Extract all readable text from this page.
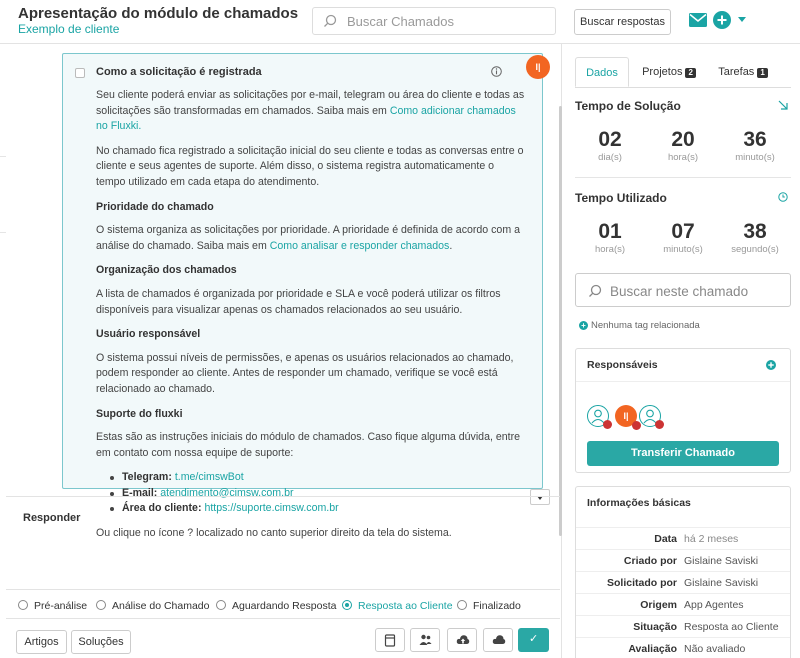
Apresentação do módulo de chamados
Exemplo de cliente
Buscar Chamados	Buscar respostas
Como a solicitação é registrada

Seu cliente poderá enviar as solicitações por e-mail, telegram ou área do cliente e todas as solicitações são transformadas em chamados. Saiba mais em Como adicionar chamados no Fluxki.

No chamado fica registrado a solicitação inicial do seu cliente e todas as conversas entre o cliente e seus agentes de suporte. Além disso, o sistema registra automaticamente o tempo utilizado em cada etapa do atendimento.

Prioridade do chamado

O sistema organiza as solicitações por prioridade. A prioridade é definida de acordo com a análise do chamado. Saiba mais em Como analisar e responder chamados.

Organização dos chamados

A lista de chamados é organizada por prioridade e SLA e você poderá utilizar os filtros disponíveis para visualizar apenas os chamados relacionados ao seu usuário.

Usuário responsável

O sistema possui níveis de permissões, e apenas os usuários relacionados ao chamado, podem responder ao cliente. Antes de responder um chamado, verifique se você está relacionado ao chamado.

Suporte do fluxki

Estas são as instruções iniciais do módulo de chamados. Caso fique alguma dúvida, entre em contato com nossa equipe de suporte:

Telegram: t.me/cimswBot
E-mail: atendimento@cimsw.com.br
Área do cliente: https://suporte.cimsw.com.br

Ou clique no ícone ? localizado no canto superior direito da tela do sistema.

I|
Responder
Pré-análise	Análise do Chamado	Aguardando Resposta	Resposta ao Cliente	Finalizado
Artigos	Soluções	✓
Dados	Projetos 2	Tarefas 1
Tempo de Solução
02
dia(s)
20
hora(s)
36
minuto(s)
Tempo Utilizado
01
hora(s)
07
minuto(s)
38
segundo(s)
Buscar neste chamado
+ Nenhuma tag relacionada
Responsáveis
I|
Transferir Chamado
Informações básicas
Data há 2 meses
Criado por Gislaine Saviski
Solicitado por Gislaine Saviski
Origem App Agentes
Situação Resposta ao Cliente
Avaliação Não avaliado
